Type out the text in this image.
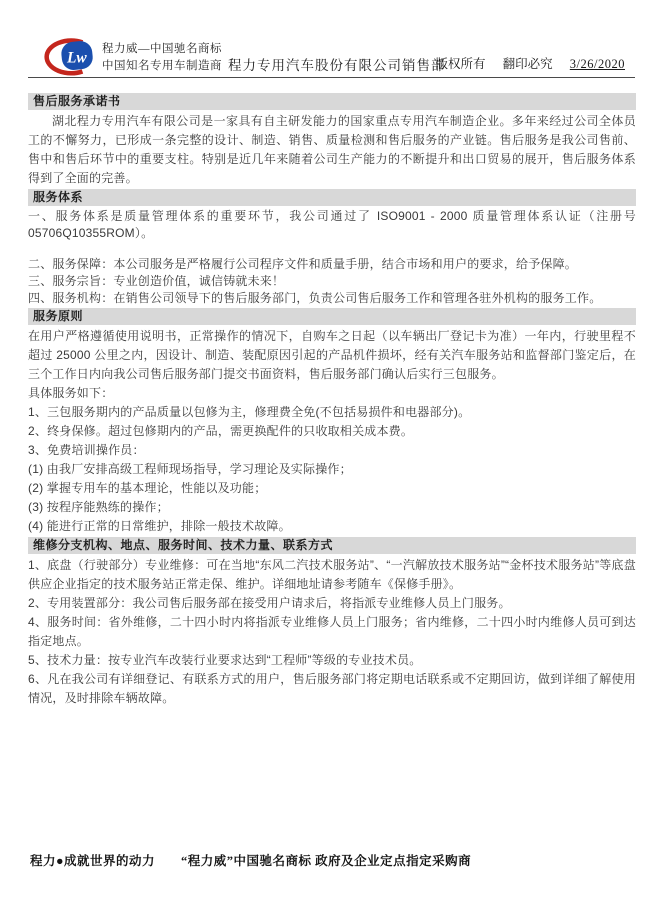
Lw
程力威—中国驰名商标
中国知名专用车制造商 程力专用汽车股份有限公司销售部
版权所有 翻印必究 3/26/2020
售后服务承诺书

湖北程力专用汽车有限公司是一家具有自主研发能力的国家重点专用汽车制造企业。多年来经过公司全体员工的不懈努力，已形成一条完整的设计、制造、销售、质量检测和售后服务的产业链。售后服务是我公司售前、售中和售后环节中的重要支柱。特别是近几年来随着公司生产能力的不断提升和出口贸易的展开，售后服务体系得到了全面的完善。

服务体系

一、服务体系是质量管理体系的重要环节，我公司通过了 ISO9001 - 2000 质量管理体系认证（注册号 05706Q10355ROM）。

二、服务保障：本公司服务是严格履行公司程序文件和质量手册，结合市场和用户的要求，给予保障。

三、服务宗旨：专业创造价值，诚信铸就未来！

四、服务机构：在销售公司领导下的售后服务部门，负责公司售后服务工作和管理各驻外机构的服务工作。

服务原则

在用户严格遵循使用说明书，正常操作的情况下，自购车之日起（以车辆出厂登记卡为准）一年内，行驶里程不超过 25000 公里之内，因设计、制造、装配原因引起的产品机件损坏，经有关汽车服务站和监督部门鉴定后，在三个工作日内向我公司售后服务部门提交书面资料，售后服务部门确认后实行三包服务。

具体服务如下：

1、三包服务期内的产品质量以包修为主，修理费全免(不包括易损件和电器部分)。

2、终身保修。超过包修期内的产品，需更换配件的只收取相关成本费。

3、免费培训操作员：

(1) 由我厂安排高级工程师现场指导，学习理论及实际操作；

(2) 掌握专用车的基本理论，性能以及功能；

(3) 按程序能熟练的操作；

(4) 能进行正常的日常维护，排除一般技术故障。

维修分支机构、地点、服务时间、技术力量、联系方式

1、底盘（行驶部分）专业维修：可在当地“东风二汽技术服务站”、“一汽解放技术服务站”“金杯技术服务站”等底盘供应企业指定的技术服务站正常走保、维护。详细地址请参考随车《保修手册》。

2、专用装置部分：我公司售后服务部在接受用户请求后，将指派专业维修人员上门服务。

4、服务时间：省外维修，二十四小时内将指派专业维修人员上门服务；省内维修，二十四小时内维修人员可到达指定地点。

5、技术力量：按专业汽车改装行业要求达到“工程师”等级的专业技术员。

6、凡在我公司有详细登记、有联系方式的用户，售后服务部门将定期电话联系或不定期回访，做到详细了解使用情况，及时排除车辆故障。

程力●成就世界的动力　　“程力威”中国驰名商标 政府及企业定点指定采购商
